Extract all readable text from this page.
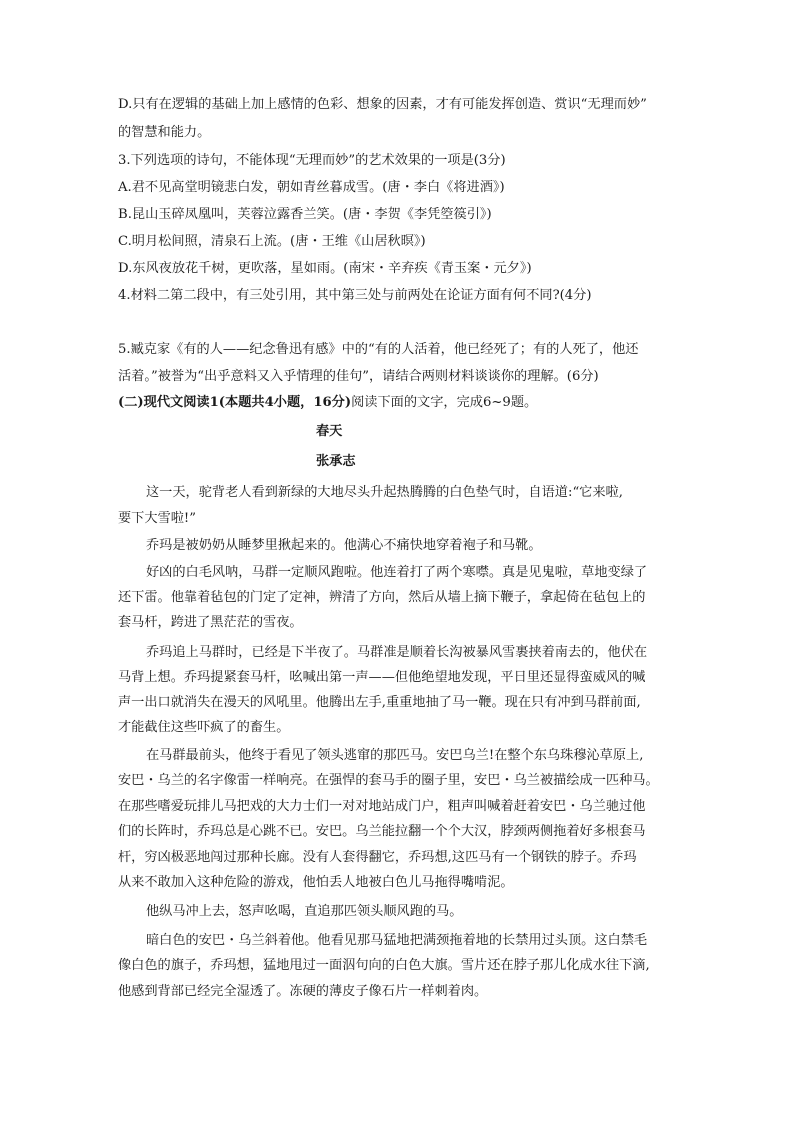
D.只有在逻辑的基础上加上感情的色彩、想象的因素，才有可能发挥创造、赏识“无理而妙”
的智慧和能力。
3.下列选项的诗句，不能体现“无理而妙”的艺术效果的一项是(3分)
A.君不见高堂明镜悲白发，朝如青丝暮成雪。(唐・李白《将进酒》)
B.昆山玉碎凤凰叫，芙蓉泣露香兰笑。(唐・李贺《李凭箜篌引》)
C.明月松间照，清泉石上流。(唐・王维《山居秋暝》)
D.东风夜放花千树，更吹落，星如雨。(南宋・辛弃疾《青玉案・元夕》)
4.材料二第二段中，有三处引用，其中第三处与前两处在论证方面有何不同?(4分)
5.臧克家《有的人——纪念鲁迅有感》中的“有的人活着，他已经死了；有的人死了，他还
活着。”被誉为“出乎意料又入乎情理的佳句”，请结合两则材料谈谈你的理解。(6分)
(二)现代文阅读1(本题共4小题，16分)阅读下面的文字，完成6~9题。
春天
张承志
这一天，驼背老人看到新绿的大地尽头升起热腾腾的白色垫气时，自语道:“它来啦,
要下大雪啦!”
乔玛是被奶奶从睡梦里揪起来的。他满心不痛快地穿着袍子和马靴。
好凶的白毛风呐，马群一定顺风跑啦。他连着打了两个寒噤。真是见鬼啦，草地变绿了
还下雷。他靠着毡包的门定了定神，辨清了方向，然后从墙上摘下鞭子，拿起倚在毡包上的
套马杆，跨进了黑茫茫的雪夜。
乔玛追上马群时，已经是下半夜了。马群准是顺着长沟被暴风雪裹挟着南去的，他伏在
马背上想。乔玛提紧套马杆，吆喊出第一声——但他绝望地发现，平日里还显得蛮威风的喊
声一出口就消失在漫天的风吼里。他腾出左手,重重地抽了马一鞭。现在只有冲到马群前面,
才能截住这些吓疯了的畜生。
在马群最前头，他终于看见了领头逃窜的那匹马。安巴乌兰!在整个东乌珠穆沁草原上,
安巴・乌兰的名字像雷一样响亮。在强悍的套马手的圈子里，安巴・乌兰被描绘成一匹种马。
在那些嗜爱玩排儿马把戏的大力士们一对对地站成门户，粗声叫喊着赶着安巴・乌兰驰过他
们的长阵时，乔玛总是心跳不已。安巴。乌兰能拉翻一个个大汉，脖颈两侧拖着好多根套马
杆，穷凶极恶地闯过那种长廊。没有人套得翻它，乔玛想,这匹马有一个钢铁的脖子。乔玛
从来不敢加入这种危险的游戏，他怕丢人地被白色儿马拖得嘴啃泥。
他纵马冲上去，怒声吆喝，直追那匹领头顺风跑的马。
暗白色的安巴・乌兰斜着他。他看见那马猛地把满颈拖着地的长禁用过头顶。这白禁毛
像白色的旗子，乔玛想，猛地甩过一面泅句向的白色大旗。雪片还在脖子那儿化成水往下滴,
他感到背部已经完全湿透了。冻硬的薄皮子像石片一样刺着肉。
